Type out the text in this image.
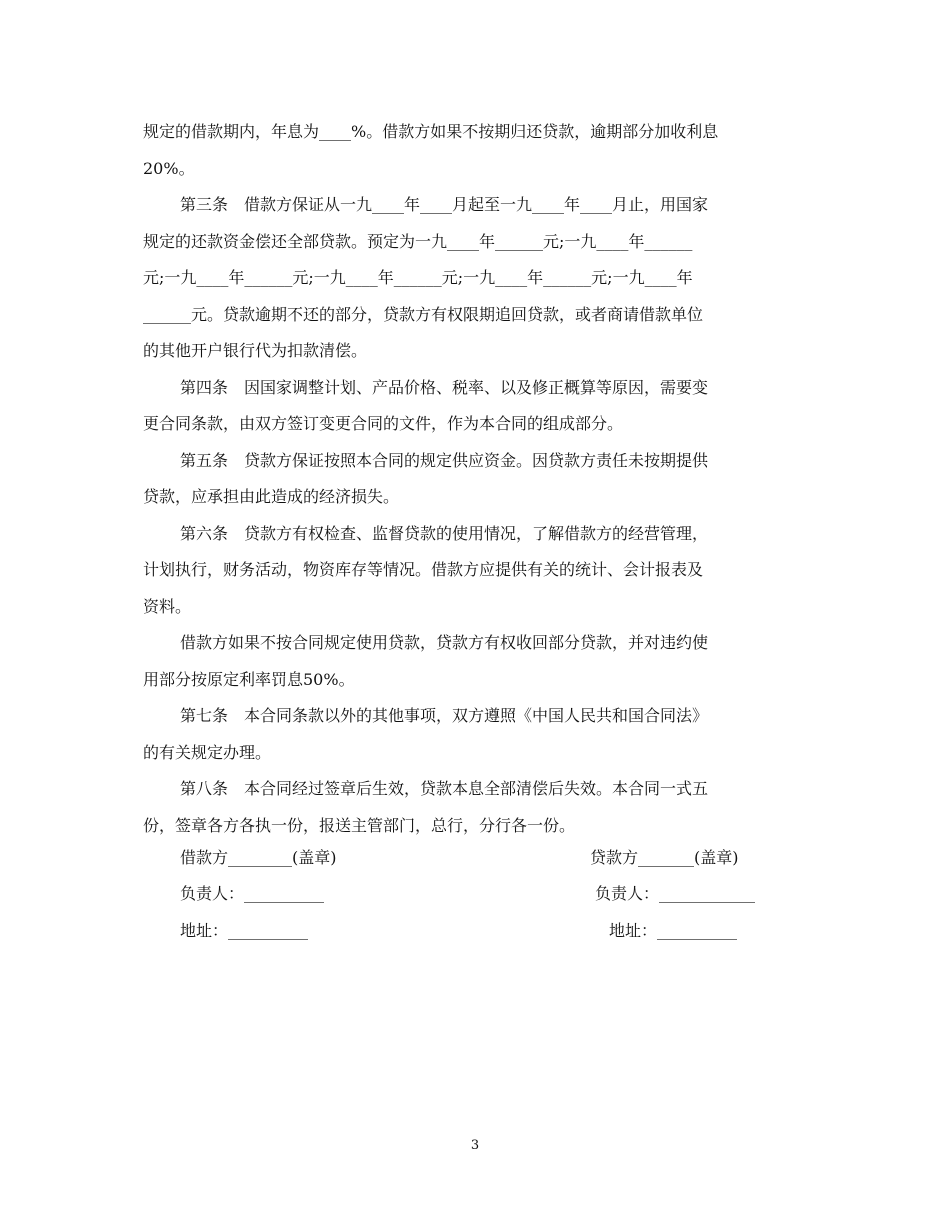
规定的借款期内，年息为____%。借款方如果不按期归还贷款，逾期部分加收利息
20%。
第三条　借款方保证从一九____年____月起至一九____年____月止，用国家
规定的还款资金偿还全部贷款。预定为一九____年______元;一九____年______
元;一九____年______元;一九____年______元;一九____年______元;一九____年
______元。贷款逾期不还的部分，贷款方有权限期追回贷款，或者商请借款单位
的其他开户银行代为扣款清偿。
第四条　因国家调整计划、产品价格、税率、以及修正概算等原因，需要变
更合同条款，由双方签订变更合同的文件，作为本合同的组成部分。
第五条　贷款方保证按照本合同的规定供应资金。因贷款方责任未按期提供
贷款，应承担由此造成的经济损失。
第六条　贷款方有权检查、监督贷款的使用情况，了解借款方的经营管理，
计划执行，财务活动，物资库存等情况。借款方应提供有关的统计、会计报表及
资料。
借款方如果不按合同规定使用贷款，贷款方有权收回部分贷款，并对违约使
用部分按原定利率罚息50%。
第七条　本合同条款以外的其他事项，双方遵照《中国人民共和国合同法》
的有关规定办理。
第八条　本合同经过签章后生效，贷款本息全部清偿后失效。本合同一式五
份，签章各方各执一份，报送主管部门，总行，分行各一份。

借款方________(盖章)

	贷款方_______(盖章)

负责人：__________

	负责人：____________

地址：__________

	地址：__________

3
